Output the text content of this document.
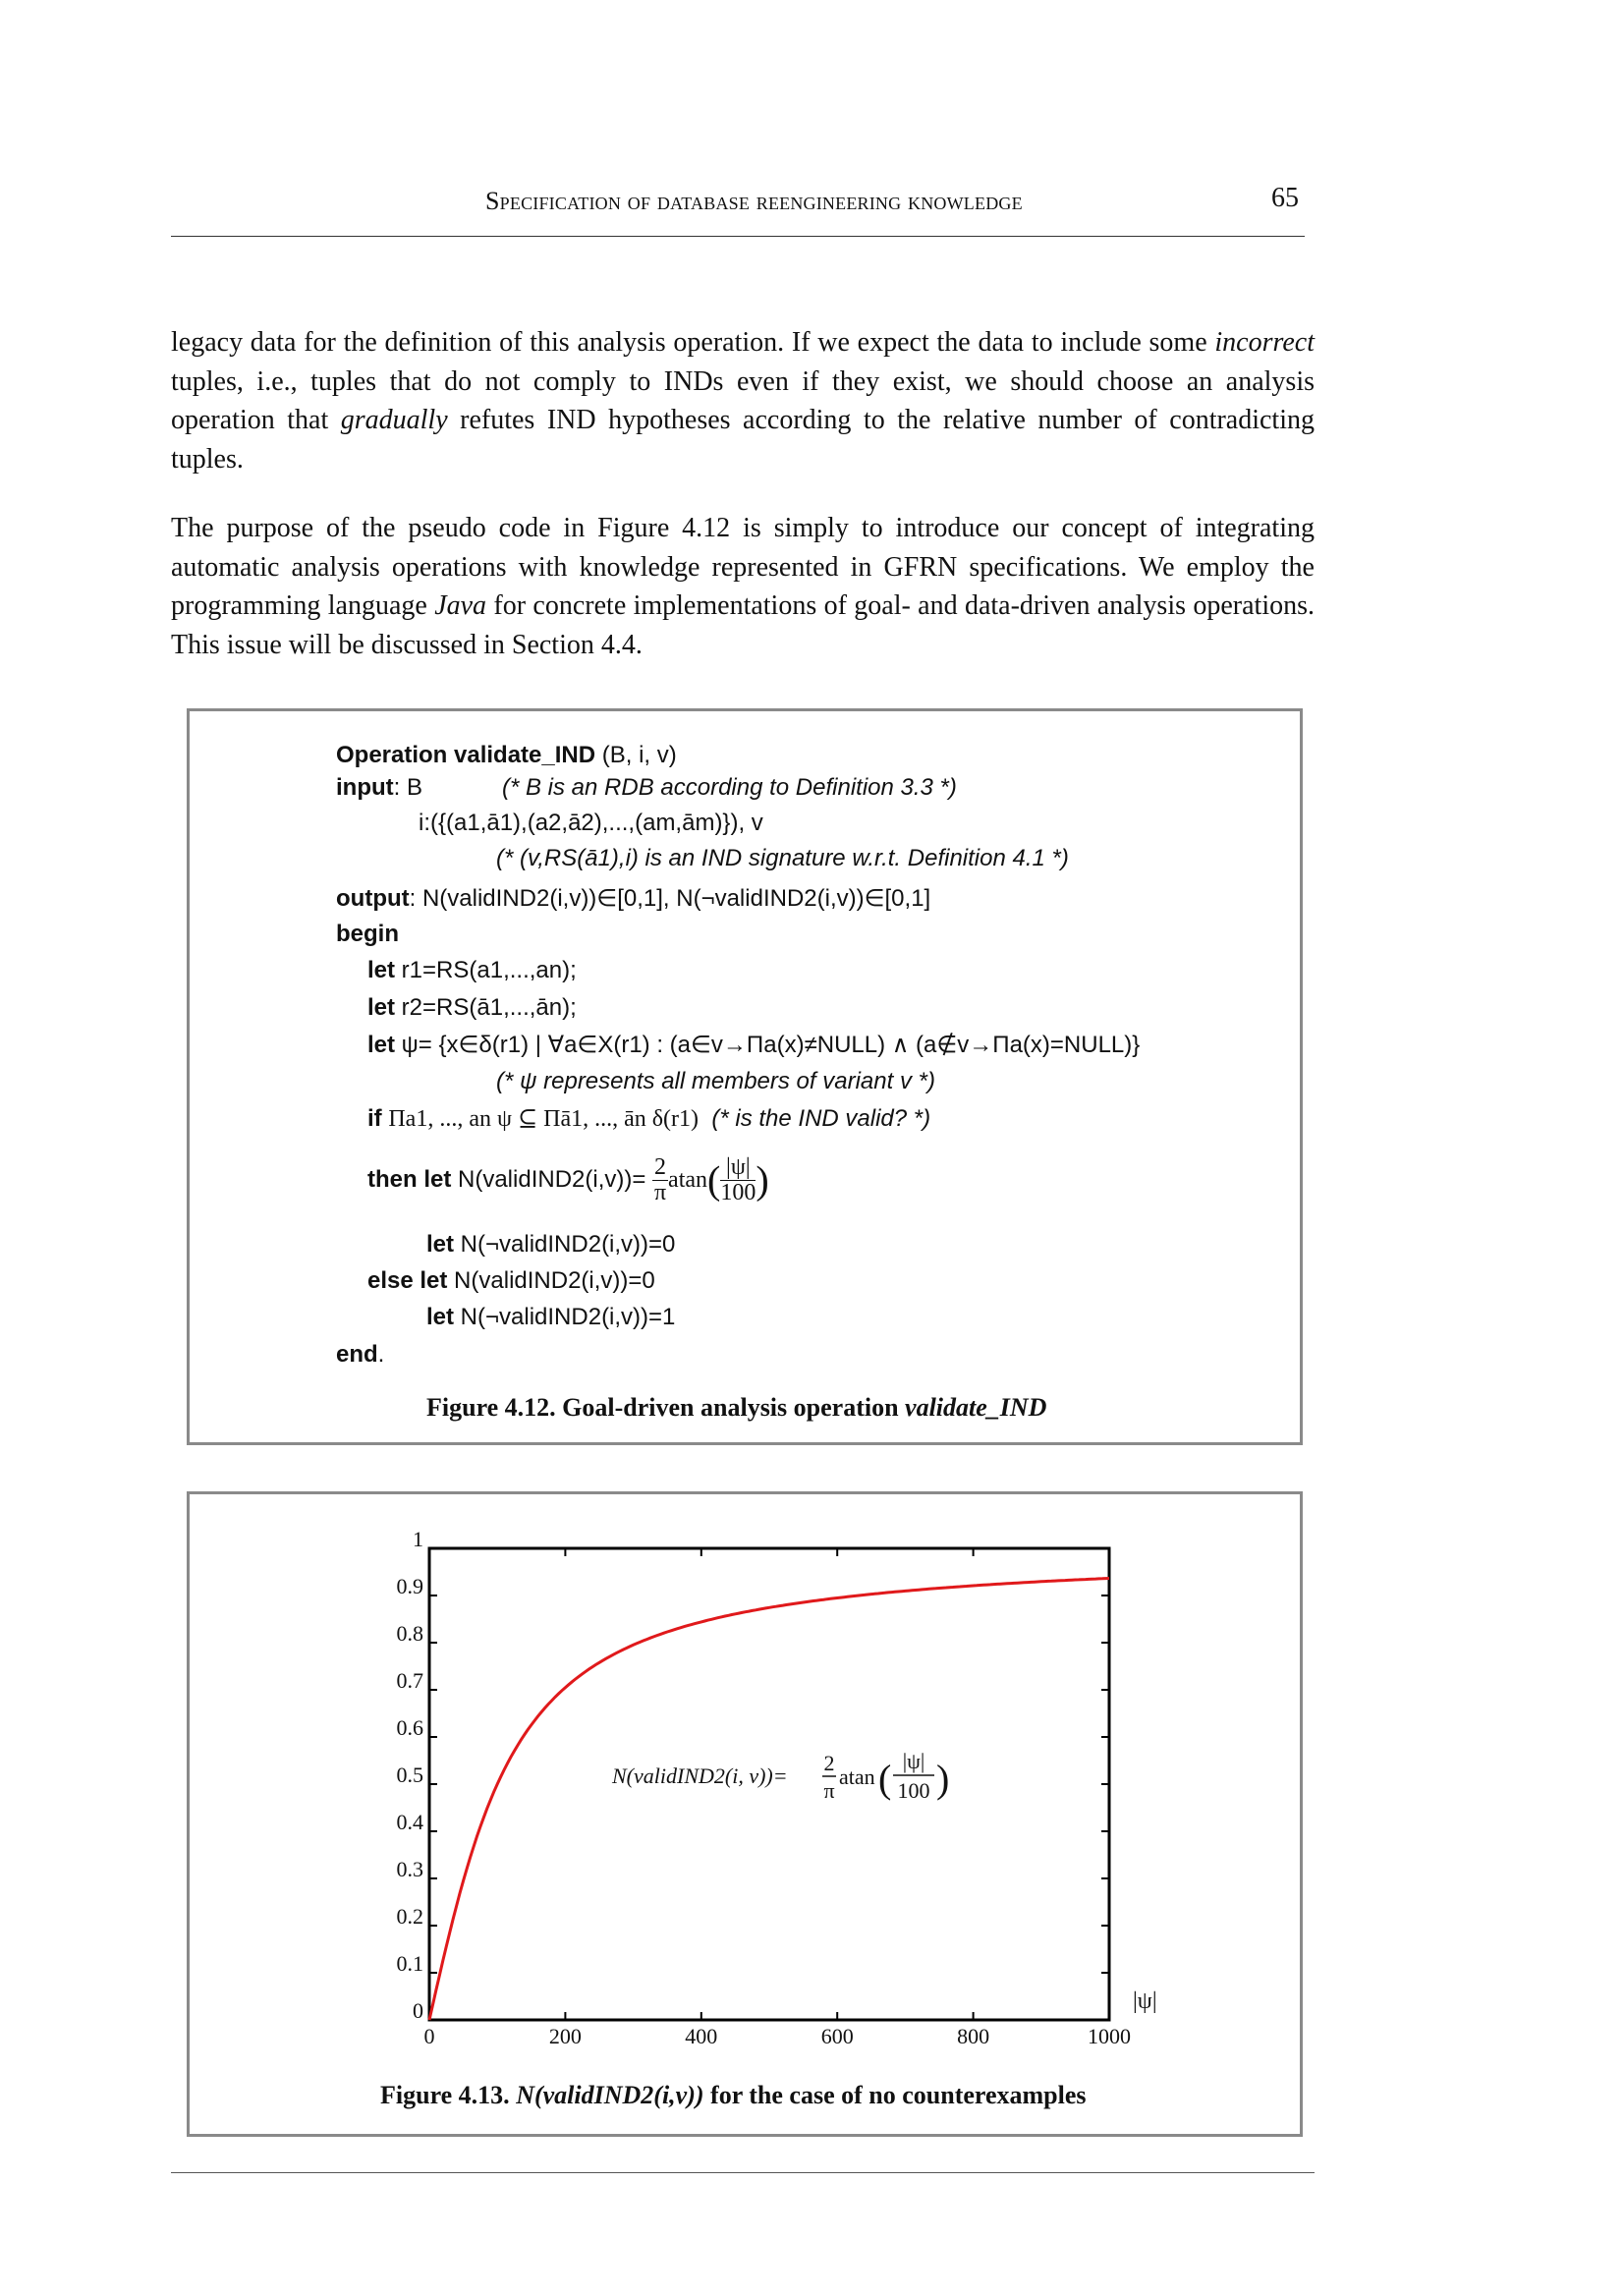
Specification of database reengineering knowledge	65
legacy data for the definition of this analysis operation. If we expect the data to include some incorrect tuples, i.e., tuples that do not comply to INDs even if they exist, we should choose an analysis operation that gradually refutes IND hypotheses according to the relative number of contradicting tuples.
The purpose of the pseudo code in Figure 4.12 is simply to introduce our concept of integrating automatic analysis operations with knowledge represented in GFRN specifications. We employ the programming language Java for concrete implementations of goal- and data-driven analysis operations. This issue will be discussed in Section 4.4.
Operation validate_IND (B, i, v)
input: B	(* B is an RDB according to Definition 3.3 *)
i:({(a1,ā1),(a2,ā2),...,(am,ām)}), v
(* (v,RS(ā1),i) is an IND signature w.r.t. Definition 4.1 *)
output: N(validIND2(i,v))∈[0,1], N(¬validIND2(i,v))∈[0,1]
begin
let r1=RS(a1,...,an);
let r2=RS(ā1,...,ān);
let ψ= {x∈δ(r1) | ∀a∈X(r1) : (a∈v→Πa(x)≠NULL) ∧ (a∉v→Πa(x)=NULL)}
(* ψ represents all members of variant v *)
if Πa1, ..., an ψ ⊆ Πā1, ..., ān δ(r1) (* is the IND valid? *)
then let N(validIND2(i,v))= $\frac{2}{\pi} atan( \frac{|\psi|}{100}$ )
let N(¬validIND2(i,v))=0
else let N(validIND2(i,v))=0
let N(¬validIND2(i,v))=1
end.
Figure 4.12. Goal-driven analysis operation validate_IND
0	200	400	600	800	1000
0
0.1
0.2
0.3
0.4
0.5
0.6
0.7
0.8
0.9
1
|ψ|
N(validIND2(i, v))=
2
π
atan ( |ψ|
100 )
Figure 4.13. N(validIND2(i,v)) for the case of no counterexamples
